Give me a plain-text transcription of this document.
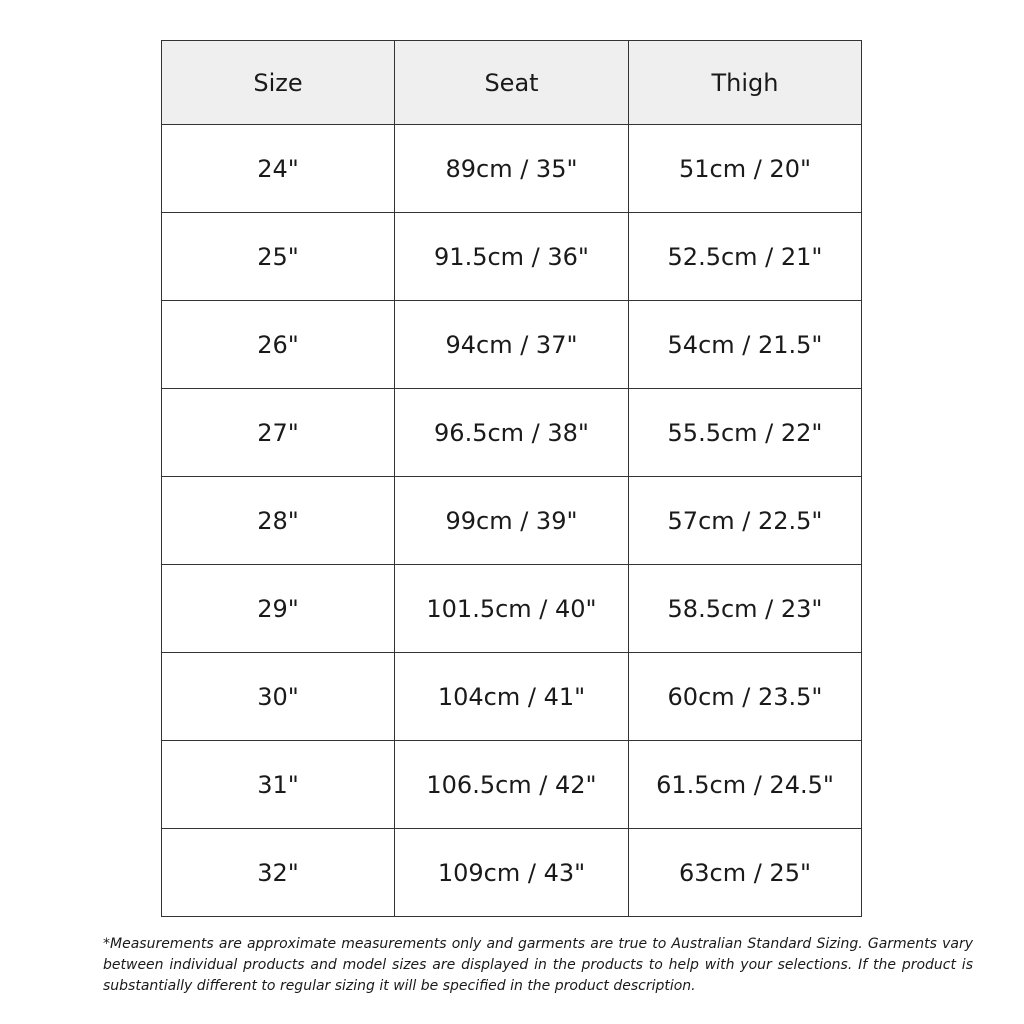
Size	Seat	Thigh
24"	89cm / 35"	51cm / 20"
25"	91.5cm / 36"	52.5cm / 21"
26"	94cm / 37"	54cm / 21.5"
27"	96.5cm / 38"	55.5cm / 22"
28"	99cm / 39"	57cm / 22.5"
29"	101.5cm / 40"	58.5cm / 23"
30"	104cm / 41"	60cm / 23.5"
31"	106.5cm / 42"	61.5cm / 24.5"
32"	109cm / 43"	63cm / 25"

*Measurements are approximate measurements only and garments are true to Australian Standard Sizing. Garments vary between individual products and model sizes are displayed in the products to help with your selections. If the product is substantially different to regular sizing it will be specified in the product description.
